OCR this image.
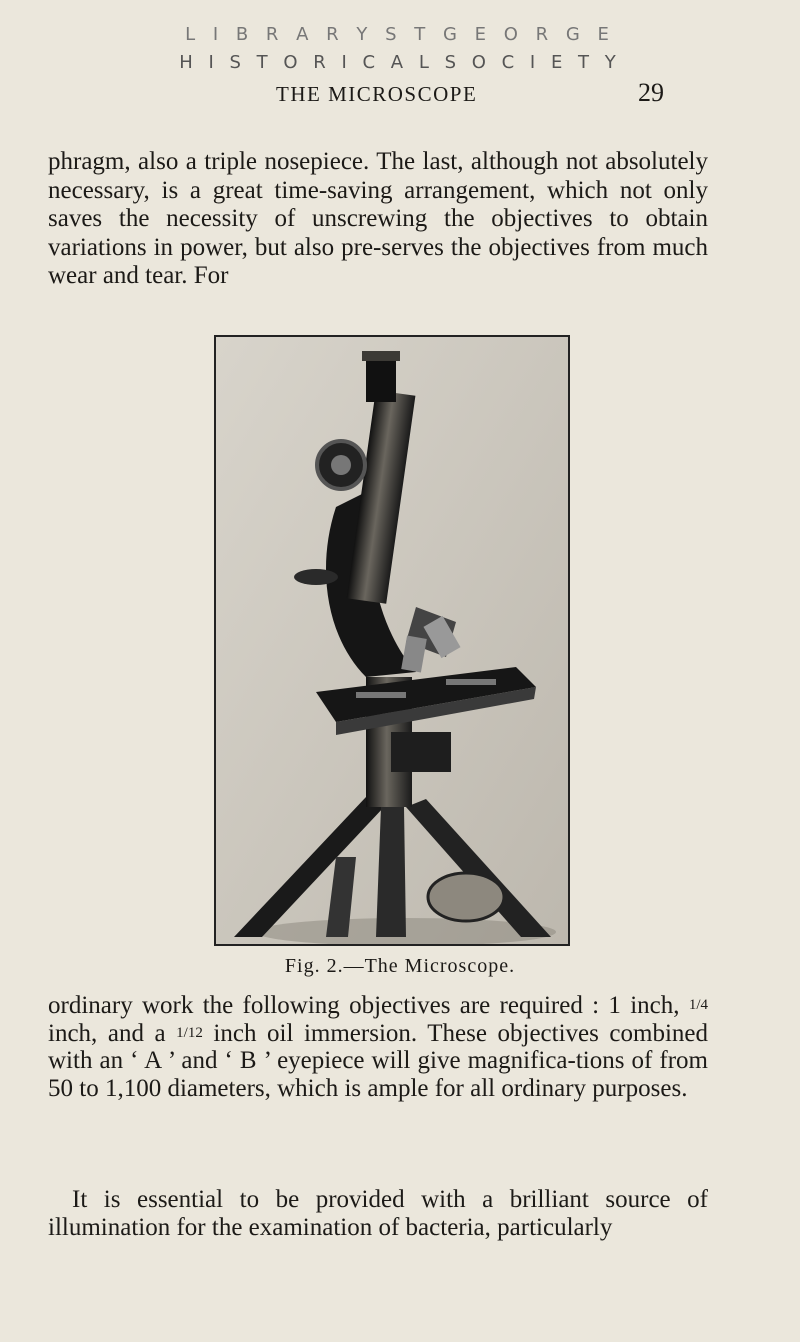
L I B R A R Y S T G E O R G E
H I S T O R I C A L S O C I E T Y
THE MICROSCOPE	29
phragm, also a triple nosepiece. The last, although not absolutely necessary, is a great time-saving arrangement, which not only saves the necessity of unscrewing the objectives to obtain variations in power, but also pre-serves the objectives from much wear and tear. For
Fig. 2.—The Microscope.
ordinary work the following objectives are required : 1 inch, 1/4 inch, and a 1/12 inch oil immersion. These objectives combined with an ‘ A ’ and ‘ B ’ eyepiece will give magnifica-tions of from 50 to 1,100 diameters, which is ample for all ordinary purposes.
It is essential to be provided with a brilliant source of illumination for the examination of bacteria, particularly
